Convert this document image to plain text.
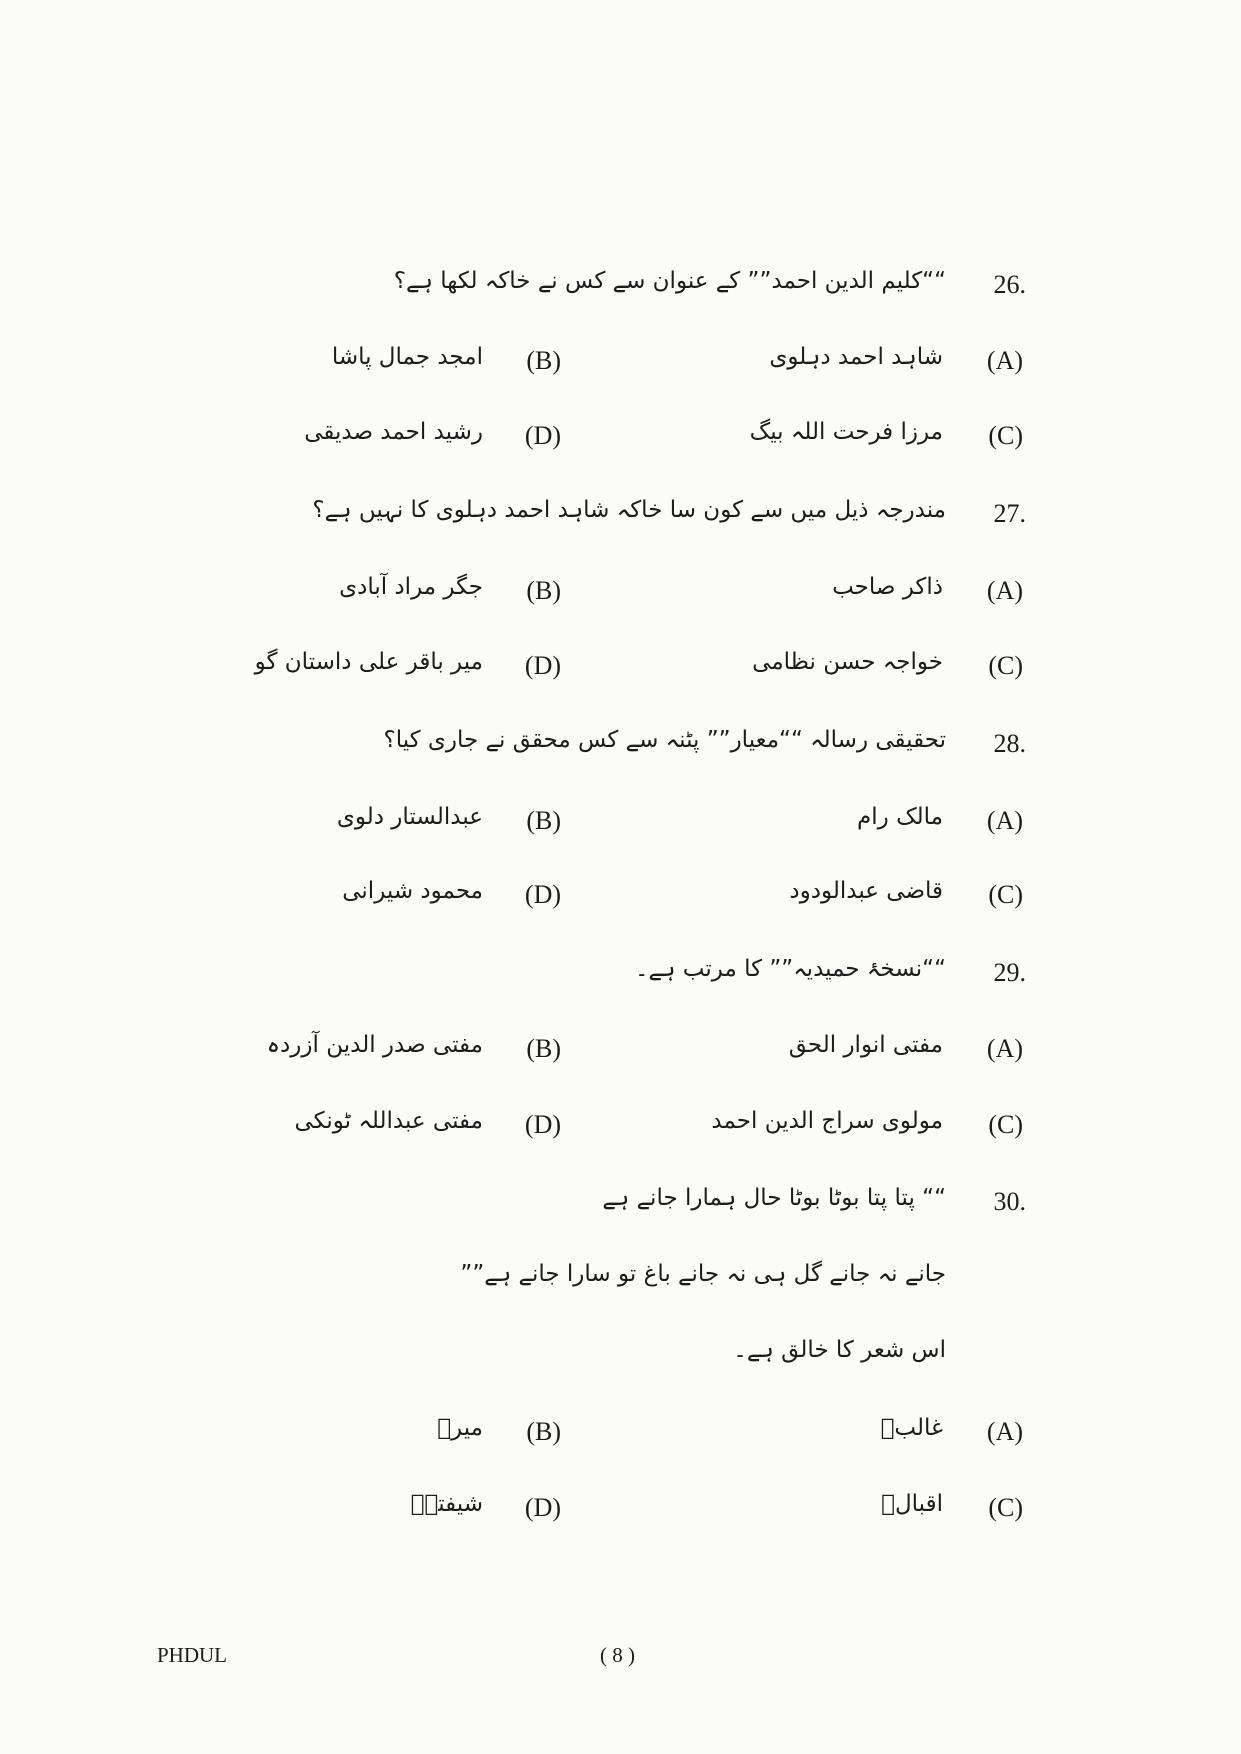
26.
““کلیم الدین احمد”” کے عنوان سے کس نے خاکہ لکھا ہے؟
(A)
شاہد احمد دہلوی
(B)
امجد جمال پاشا
(C)
مرزا فرحت اللہ بیگ
(D)
رشید احمد صدیقی
27.
مندرجہ ذیل میں سے کون سا خاکہ شاہد احمد دہلوی کا نہیں ہے؟
(A)
ذاکر صاحب
(B)
جگر مراد آبادی
(C)
خواجہ حسن نظامی
(D)
میر باقر علی داستان گو
28.
تحقیقی رسالہ ““معیار”” پٹنہ سے کس محقق نے جاری کیا؟
(A)
مالک رام
(B)
عبدالستار دلوی
(C)
قاضی عبدالودود
(D)
محمود شیرانی
29.
““نسخۂ حمیدیہ”” کا مرتب ہے۔
(A)
مفتی انوار الحق
(B)
مفتی صدر الدین آزردہ
(C)
مولوی سراج الدین احمد
(D)
مفتی عبداللہ ٹونکی
30.
““ پتا پتا بوٹا بوٹا حال ہمارا جانے ہے
جانے نہ جانے گل ہی نہ جانے باغ تو سارا جانے ہے””
اس شعر کا خالق ہے۔
(A)
غالبؔ
(B)
میرؔ
(C)
اقبالؔ
(D)
شیفتہؔ
PHDUL	( 8 )
